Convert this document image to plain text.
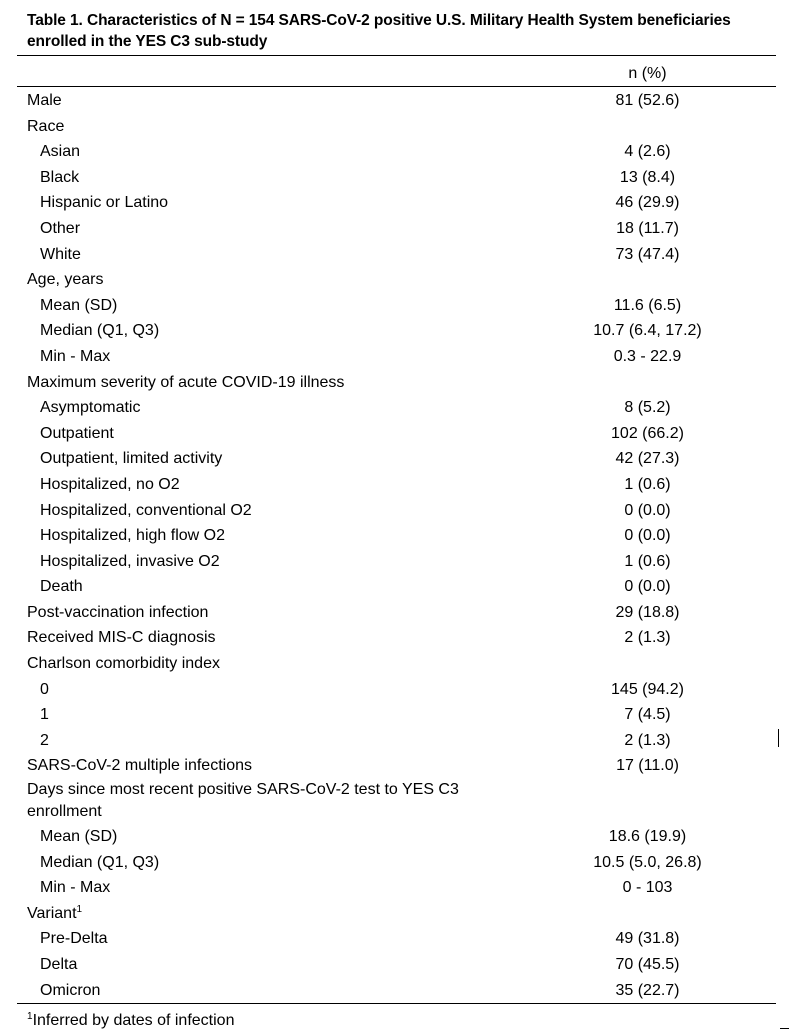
Table 1. Characteristics of N = 154 SARS-CoV-2 positive U.S. Military Health System beneficiaries enrolled in the YES C3 sub-study
n (%)
Male	81 (52.6)
Race
Asian	4 (2.6)
Black	13 (8.4)
Hispanic or Latino	46 (29.9)
Other	18 (11.7)
White	73 (47.4)
Age, years
Mean (SD)	11.6 (6.5)
Median (Q1, Q3)	10.7 (6.4, 17.2)
Min - Max	0.3 - 22.9
Maximum severity of acute COVID-19 illness
Asymptomatic	8 (5.2)
Outpatient	102 (66.2)
Outpatient, limited activity	42 (27.3)
Hospitalized, no O2	1 (0.6)
Hospitalized, conventional O2	0 (0.0)
Hospitalized, high flow O2	0 (0.0)
Hospitalized, invasive O2	1 (0.6)
Death	0 (0.0)
Post-vaccination infection	29 (18.8)
Received MIS-C diagnosis	2 (1.3)
Charlson comorbidity index
0	145 (94.2)
1	7 (4.5)
2	2 (1.3)
SARS-CoV-2 multiple infections	17 (11.0)
Days since most recent positive SARS-CoV-2 test to YES C3 enrollment
Mean (SD)	18.6 (19.9)
Median (Q1, Q3)	10.5 (5.0, 26.8)
Min - Max	0 - 103
Variant$^1$
Pre-Delta	49 (31.8)
Delta	70 (45.5)
Omicron	35 (22.7)
$^1$Inferred by dates of infection
